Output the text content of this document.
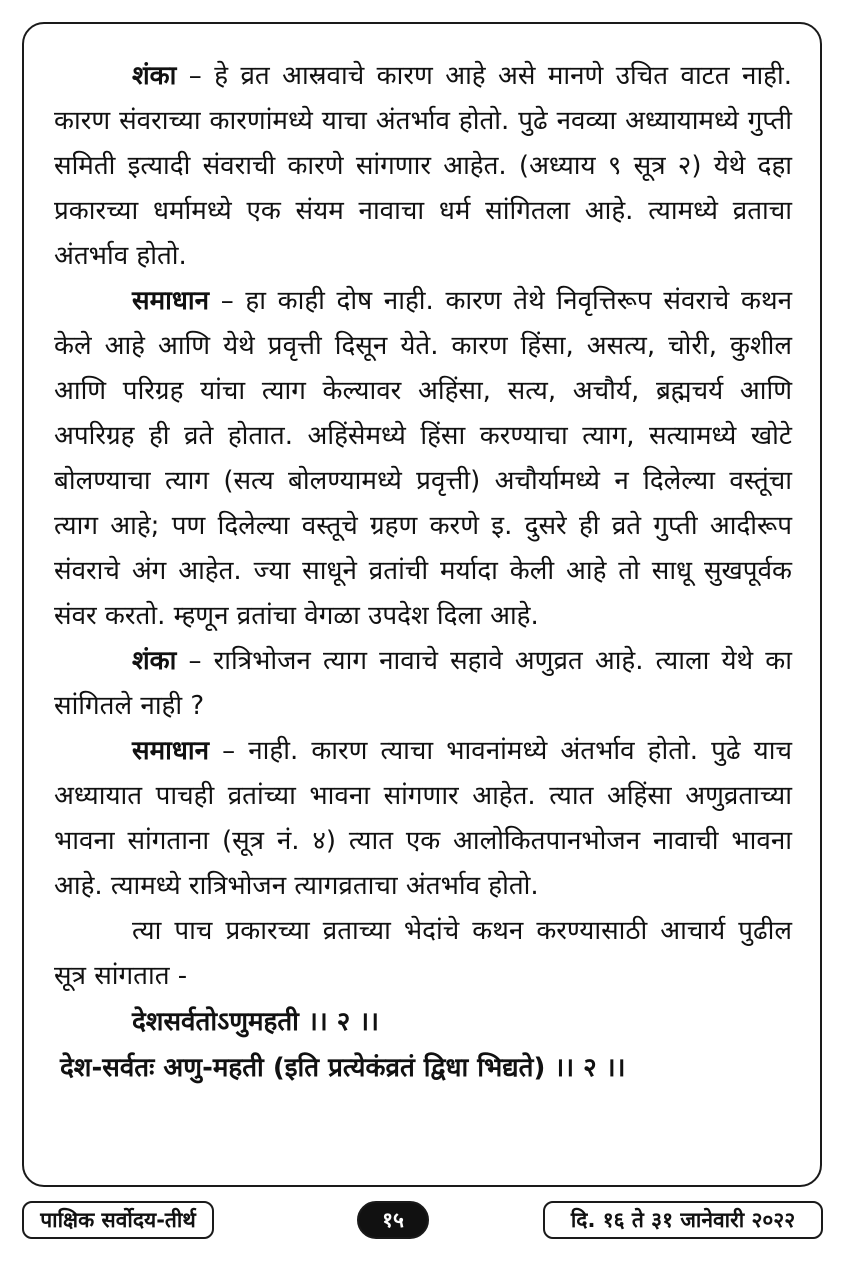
शंका – हे व्रत आस्रवाचे कारण आहे असे मानणे उचित वाटत नाही. कारण संवराच्या कारणांमध्ये याचा अंतर्भाव होतो. पुढे नवव्या अध्यायामध्ये गुप्ती समिती इत्यादी संवराची कारणे सांगणार आहेत. (अध्याय ९ सूत्र २) येथे दहा प्रकारच्या धर्मामध्ये एक संयम नावाचा धर्म सांगितला आहे. त्यामध्ये व्रताचा अंतर्भाव होतो.

समाधान – हा काही दोष नाही. कारण तेथे निवृत्तिरूप संवराचे कथन केले आहे आणि येथे प्रवृत्ती दिसून येते. कारण हिंसा, असत्य, चोरी, कुशील आणि परिग्रह यांचा त्याग केल्यावर अहिंसा, सत्य, अचौर्य, ब्रह्मचर्य आणि अपरिग्रह ही व्रते होतात. अहिंसेमध्ये हिंसा करण्याचा त्याग, सत्यामध्ये खोटे बोलण्याचा त्याग (सत्य बोलण्यामध्ये प्रवृत्ती) अचौर्यामध्ये न दिलेल्या वस्तूंचा त्याग आहे; पण दिलेल्या वस्तूचे ग्रहण करणे इ. दुसरे ही व्रते गुप्ती आदीरूप संवराचे अंग आहेत. ज्या साधूने व्रतांची मर्यादा केली आहे तो साधू सुखपूर्वक संवर करतो. म्हणून व्रतांचा वेगळा उपदेश दिला आहे.

शंका – रात्रिभोजन त्याग नावाचे सहावे अणुव्रत आहे. त्याला येथे का सांगितले नाही ?

समाधान – नाही. कारण त्याचा भावनांमध्ये अंतर्भाव होतो. पुढे याच अध्यायात पाचही व्रतांच्या भावना सांगणार आहेत. त्यात अहिंसा अणुव्रताच्या भावना सांगताना (सूत्र नं. ४) त्यात एक आलोकितपानभोजन नावाची भावना आहे. त्यामध्ये रात्रिभोजन त्यागव्रताचा अंतर्भाव होतो.

त्या पाच प्रकारच्या व्रताच्या भेदांचे कथन करण्यासाठी आचार्य पुढील सूत्र सांगतात -

देशसर्वतोऽणुमहती ।। २ ।।

देश-सर्वतः अणु-महती (इति प्रत्येकंव्रतं द्विधा भिद्यते) ।। २ ।।

पाक्षिक सर्वोदय-तीर्थ	१५	दि. १६ ते ३१ जानेवारी २०२२
